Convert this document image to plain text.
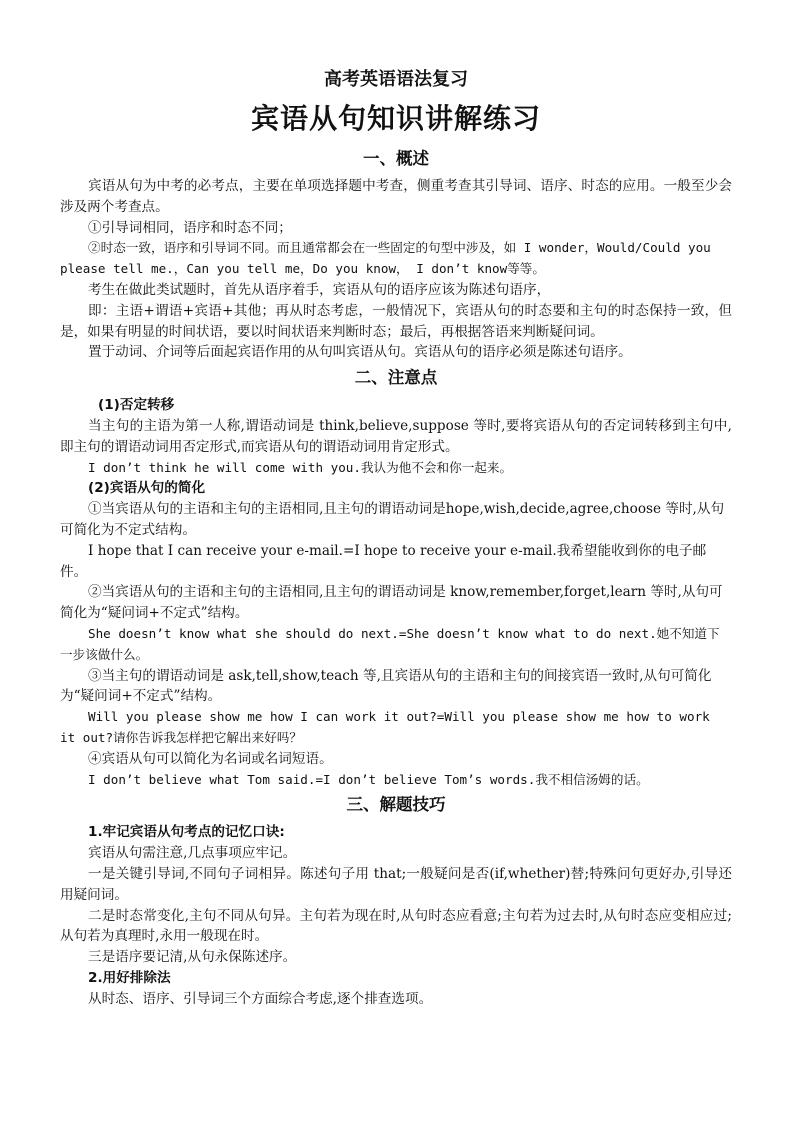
高考英语语法复习
宾语从句知识讲解练习
一、概述

宾语从句为中考的必考点，主要在单项选择题中考查，侧重考查其引导词、语序、时态的应用。一般至少会涉及两个考查点。

①引导词相同，语序和时态不同；

②时态一致，语序和引导词不同。而且通常都会在一些固定的句型中涉及，如 I wonder，Would/Could you please tell me.，Can you tell me，Do you know， I don’t know等等。

考生在做此类试题时，首先从语序着手，宾语从句的语序应该为陈述句语序，

即：主语+谓语+宾语+其他；再从时态考虑，一般情况下，宾语从句的时态要和主句的时态保持一致，但是，如果有明显的时间状语，要以时间状语来判断时态；最后，再根据答语来判断疑问词。

置于动词、介词等后面起宾语作用的从句叫宾语从句。宾语从句的语序必须是陈述句语序。

二、注意点

(1)否定转移

当主句的主语为第一人称,谓语动词是 think,believe,suppose 等时,要将宾语从句的否定词转移到主句中,即主句的谓语动词用否定形式,而宾语从句的谓语动词用肯定形式。

I don’t think he will come with you.我认为他不会和你一起来。

(2)宾语从句的简化

①当宾语从句的主语和主句的主语相同,且主句的谓语动词是hope,wish,decide,agree,choose 等时,从句可简化为不定式结构。

I hope that I can receive your e-mail.=I hope to receive your e-mail.我希望能收到你的电子邮件。

②当宾语从句的主语和主句的主语相同,且主句的谓语动词是 know,remember,forget,learn 等时,从句可简化为“疑问词+不定式”结构。

She doesn’t know what she should do next.=She doesn’t know what to do next.她不知道下一步该做什么。

③当主句的谓语动词是 ask,tell,show,teach 等,且宾语从句的主语和主句的间接宾语一致时,从句可简化为“疑问词+不定式”结构。

Will you please show me how I can work it out?=Will you please show me how to work it out?请你告诉我怎样把它解出来好吗？

④宾语从句可以简化为名词或名词短语。

I don’t believe what Tom said.=I don’t believe Tom’s words.我不相信汤姆的话。

三、解题技巧

1.牢记宾语从句考点的记忆口诀:

宾语从句需注意,几点事项应牢记。

一是关键引导词,不同句子词相异。陈述句子用 that;一般疑问是否(if,whether)替;特殊问句更好办,引导还用疑问词。

二是时态常变化,主句不同从句异。主句若为现在时,从句时态应看意;主句若为过去时,从句时态应变相应过; 从句若为真理时,永用一般现在时。

三是语序要记清,从句永保陈述序。

2.用好排除法

从时态、语序、引导词三个方面综合考虑,逐个排查选项。
